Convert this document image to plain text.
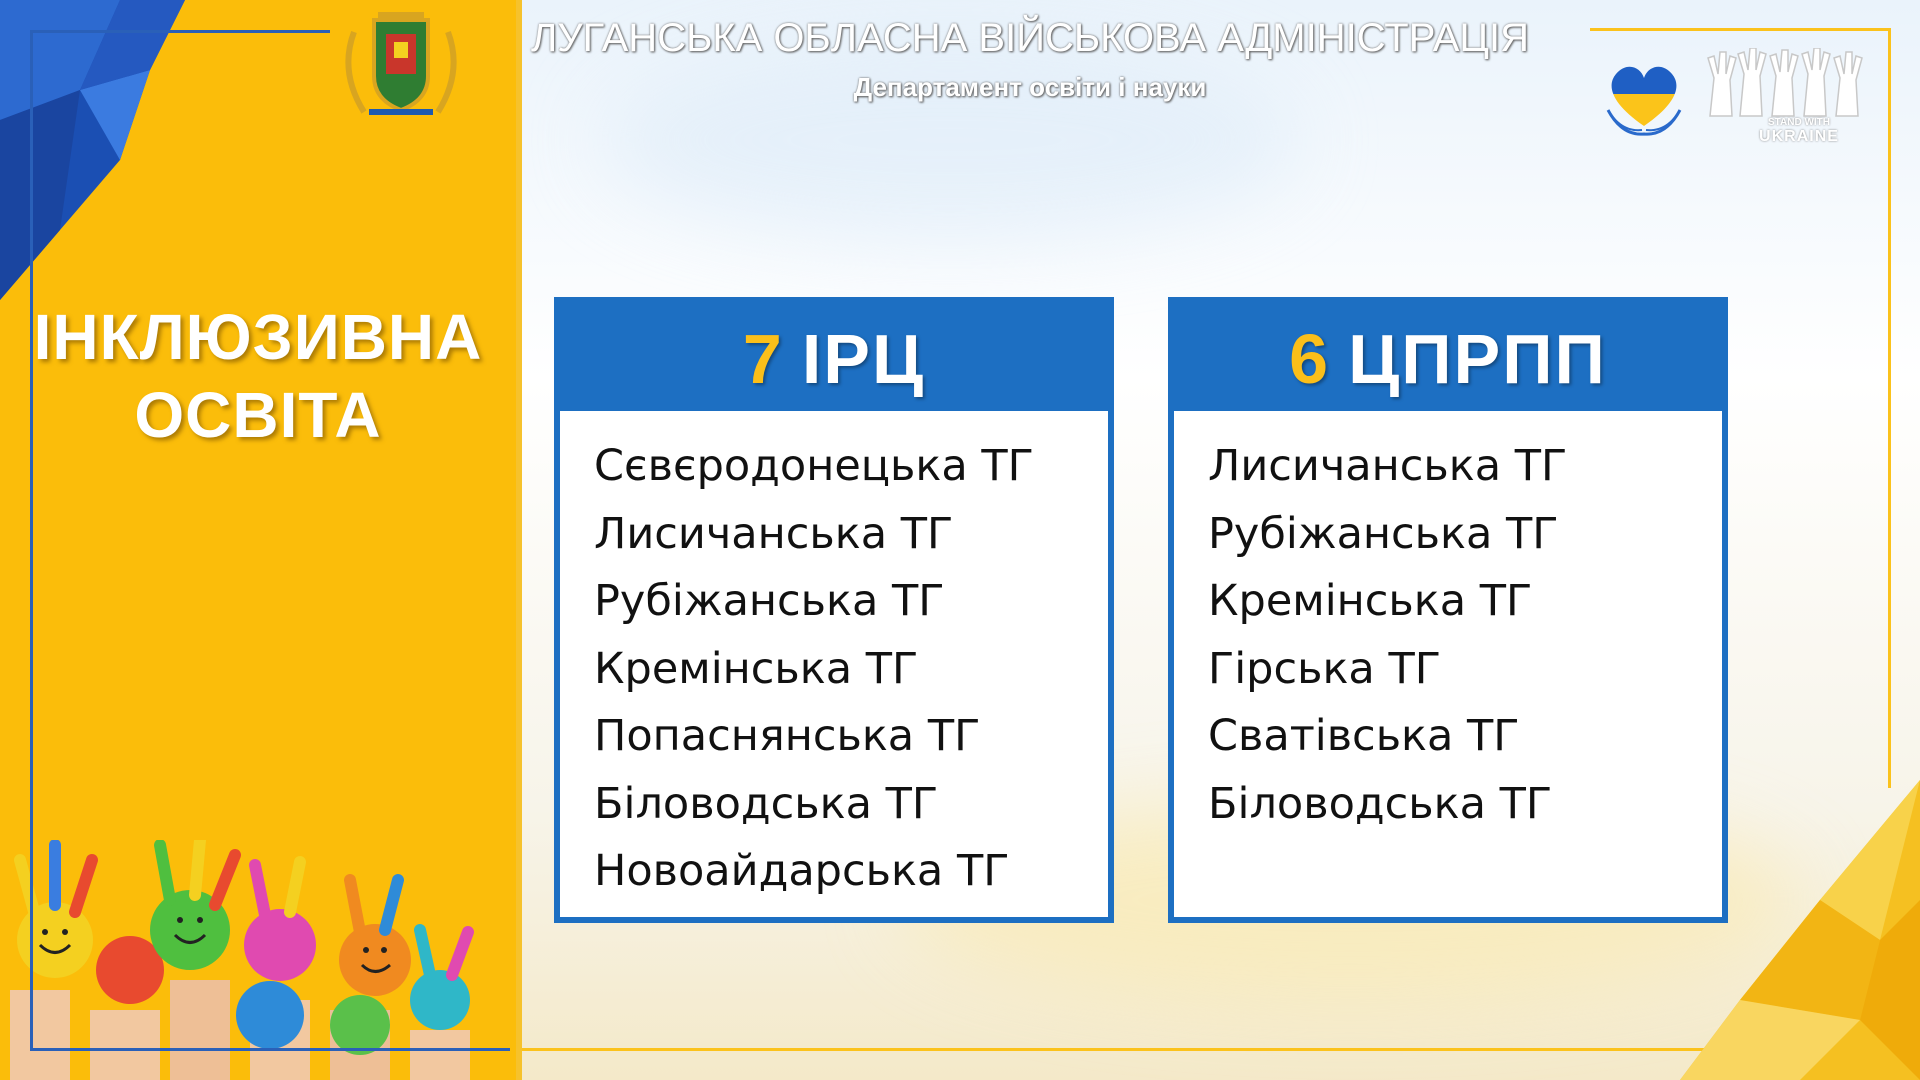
ІНКЛЮЗИВНА
ОСВІТА
ЛУГАНСЬКА ОБЛАСНА ВІЙСЬКОВА АДМІНІСТРАЦІЯ
Департамент освіти і науки
STAND WITH
UKRAINE
7 ІРЦ
Сєвєродонецька ТГ
Лисичанська ТГ
Рубіжанська ТГ
Кремінська ТГ
Попаснянська ТГ
Біловодська ТГ
Новоайдарська ТГ
6 ЦПРПП
Лисичанська ТГ
Рубіжанська ТГ
Кремінська ТГ
Гірська ТГ
Сватівська ТГ
Біловодська ТГ
